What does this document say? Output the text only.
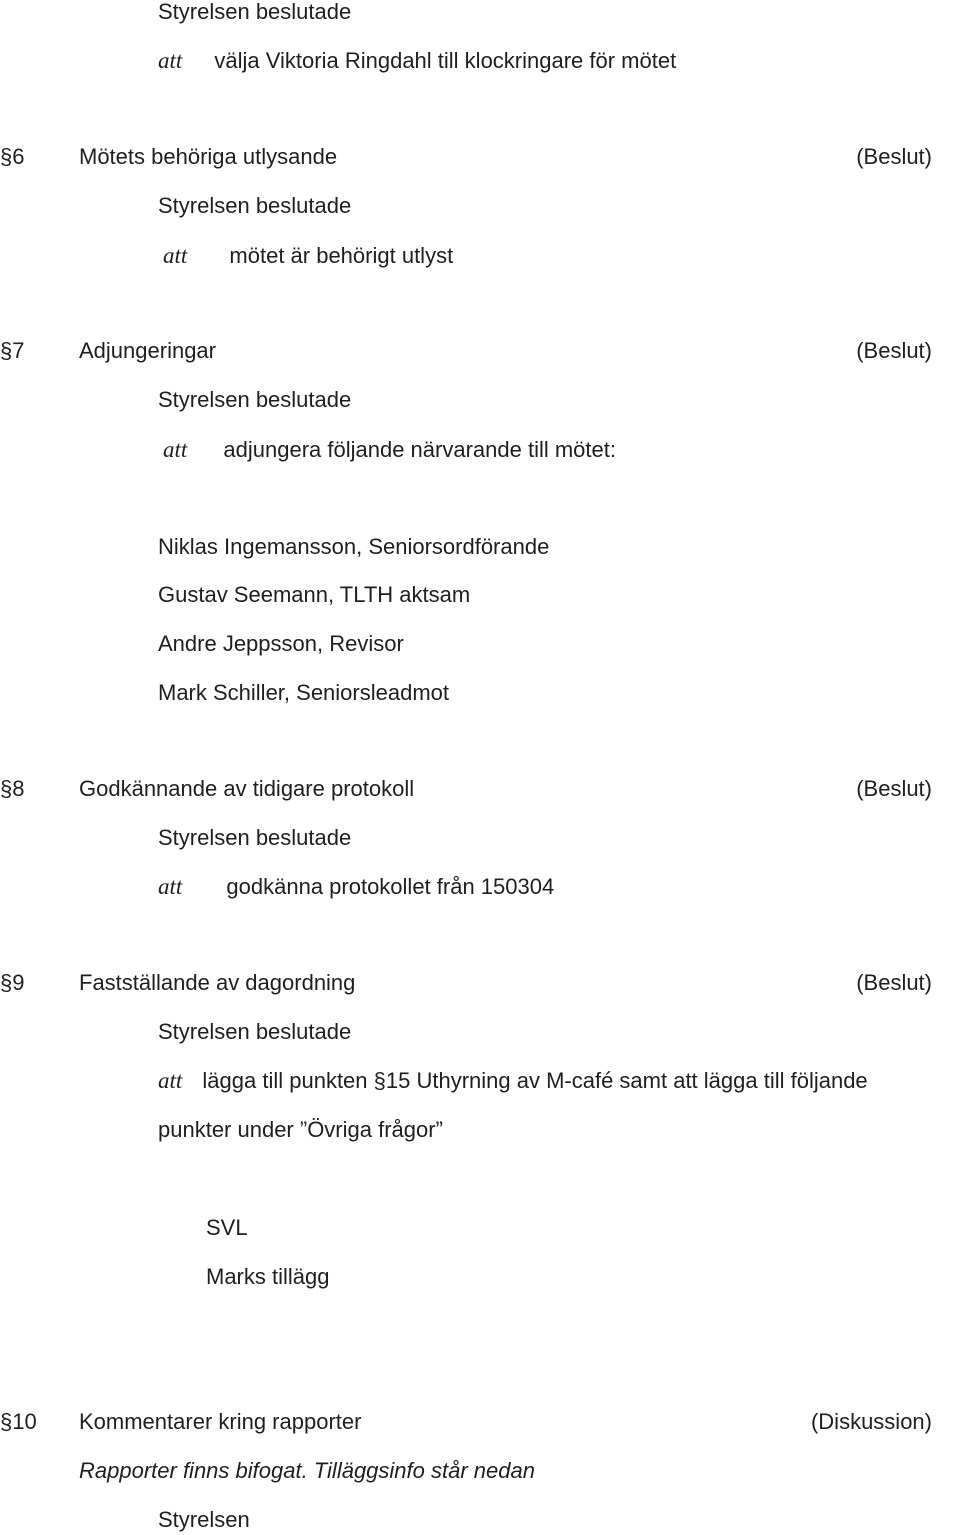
Styrelsen beslutade
att välja Viktoria Ringdahl till klockringare för mötet
§6 Mötets behöriga utlysande	(Beslut)
Styrelsen beslutade
att mötet är behörigt utlyst
§7 Adjungeringar	(Beslut)
Styrelsen beslutade
att adjungera följande närvarande till mötet:
Niklas Ingemansson, Seniorsordförande
Gustav Seemann, TLTH aktsam
Andre Jeppsson, Revisor
Mark Schiller, Seniorsleadmot
§8 Godkännande av tidigare protokoll	(Beslut)
Styrelsen beslutade
att godkänna protokollet från 150304
§9 Fastställande av dagordning	(Beslut)
Styrelsen beslutade
att lägga till punkten §15 Uthyrning av M-café samt att lägga till följande
punkter under ”Övriga frågor”
SVL
Marks tillägg
§10 Kommentarer kring rapporter	(Diskussion)
Rapporter finns bifogat. Tilläggsinfo står nedan
Styrelsen
